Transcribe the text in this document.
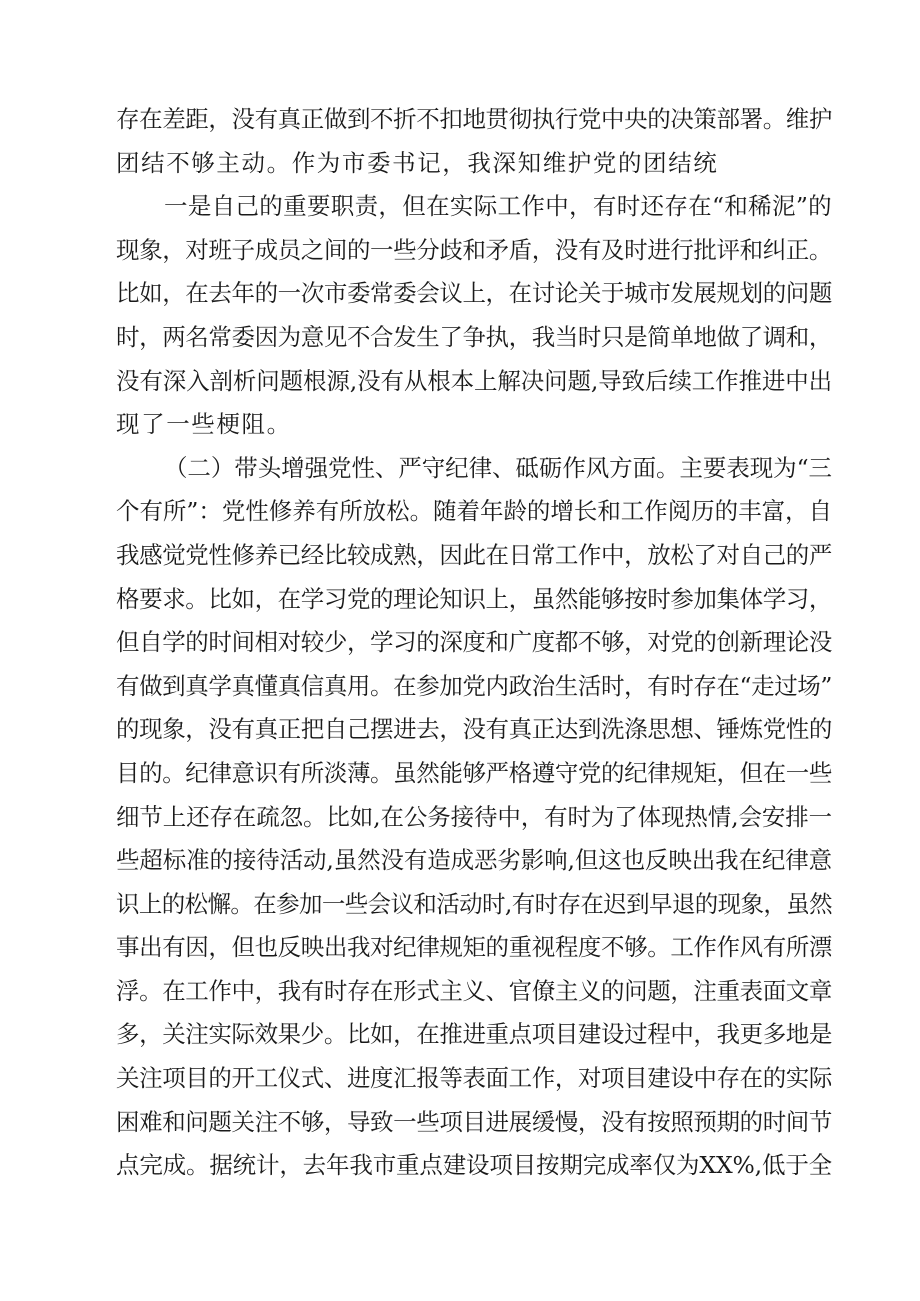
存在差距，没有真正做到不折不扣地贯彻执行党中央的决策部署。维护
团结不够主动。作为市委书记，我深知维护党的团结统
一是自己的重要职责，但在实际工作中，有时还存在“和稀泥”的
现象，对班子成员之间的一些分歧和矛盾，没有及时进行批评和纠正。
比如，在去年的一次市委常委会议上，在讨论关于城市发展规划的问题
时，两名常委因为意见不合发生了争执，我当时只是简单地做了调和，
没有深入剖析问题根源,没有从根本上解决问题,导致后续工作推进中出
现了一些梗阻。
（二）带头增强党性、严守纪律、砥砺作风方面。主要表现为“三
个有所”：党性修养有所放松。随着年龄的增长和工作阅历的丰富，自
我感觉党性修养已经比较成熟，因此在日常工作中，放松了对自己的严
格要求。比如，在学习党的理论知识上，虽然能够按时参加集体学习，
但自学的时间相对较少，学习的深度和广度都不够，对党的创新理论没
有做到真学真懂真信真用。在参加党内政治生活时，有时存在“走过场”
的现象，没有真正把自己摆进去，没有真正达到洗涤思想、锤炼党性的
目的。纪律意识有所淡薄。虽然能够严格遵守党的纪律规矩，但在一些
细节上还存在疏忽。比如,在公务接待中，有时为了体现热情,会安排一
些超标准的接待活动,虽然没有造成恶劣影响,但这也反映出我在纪律意
识上的松懈。在参加一些会议和活动时,有时存在迟到早退的现象，虽然
事出有因，但也反映出我对纪律规矩的重视程度不够。工作作风有所漂
浮。在工作中，我有时存在形式主义、官僚主义的问题，注重表面文章
多，关注实际效果少。比如，在推进重点项目建设过程中，我更多地是
关注项目的开工仪式、进度汇报等表面工作，对项目建设中存在的实际
困难和问题关注不够，导致一些项目进展缓慢，没有按照预期的时间节
点完成。据统计，去年我市重点建设项目按期完成率仅为XX%,低于全
